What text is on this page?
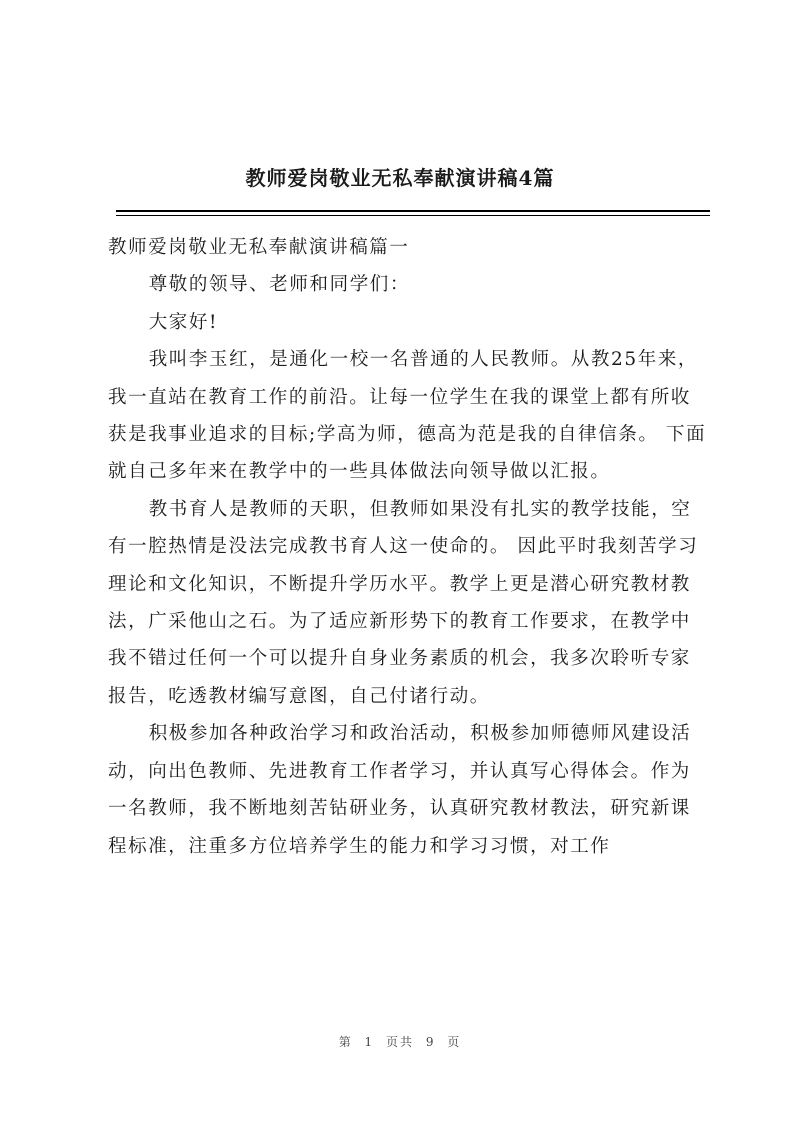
教师爱岗敬业无私奉献演讲稿4篇

教师爱岗敬业无私奉献演讲稿篇一

尊敬的领导、老师和同学们：

大家好!

我叫李玉红，是通化一校一名普通的人民教师。从教25年来， 我一直站在教育工作的前沿。让每一位学生在我的课堂上都有所收获是我事业追求的目标;学高为师，德高为范是我的自律信条。 下面就自己多年来在教学中的一些具体做法向领导做以汇报。

教书育人是教师的天职，但教师如果没有扎实的教学技能，空有一腔热情是没法完成教书育人这一使命的。 因此平时我刻苦学习理论和文化知识，不断提升学历水平。教学上更是潜心研究教材教法，广采他山之石。为了适应新形势下的教育工作要求，在教学中我不错过任何一个可以提升自身业务素质的机会，我多次聆听专家报告，吃透教材编写意图，自己付诸行动。

积极参加各种政治学习和政治活动，积极参加师德师风建设活动，向出色教师、先进教育工作者学习，并认真写心得体会。作为一名教师，我不断地刻苦钻研业务，认真研究教材教法，研究新课程标准，注重多方位培养学生的能力和学习习惯，对工作

第 1 页共 9 页
